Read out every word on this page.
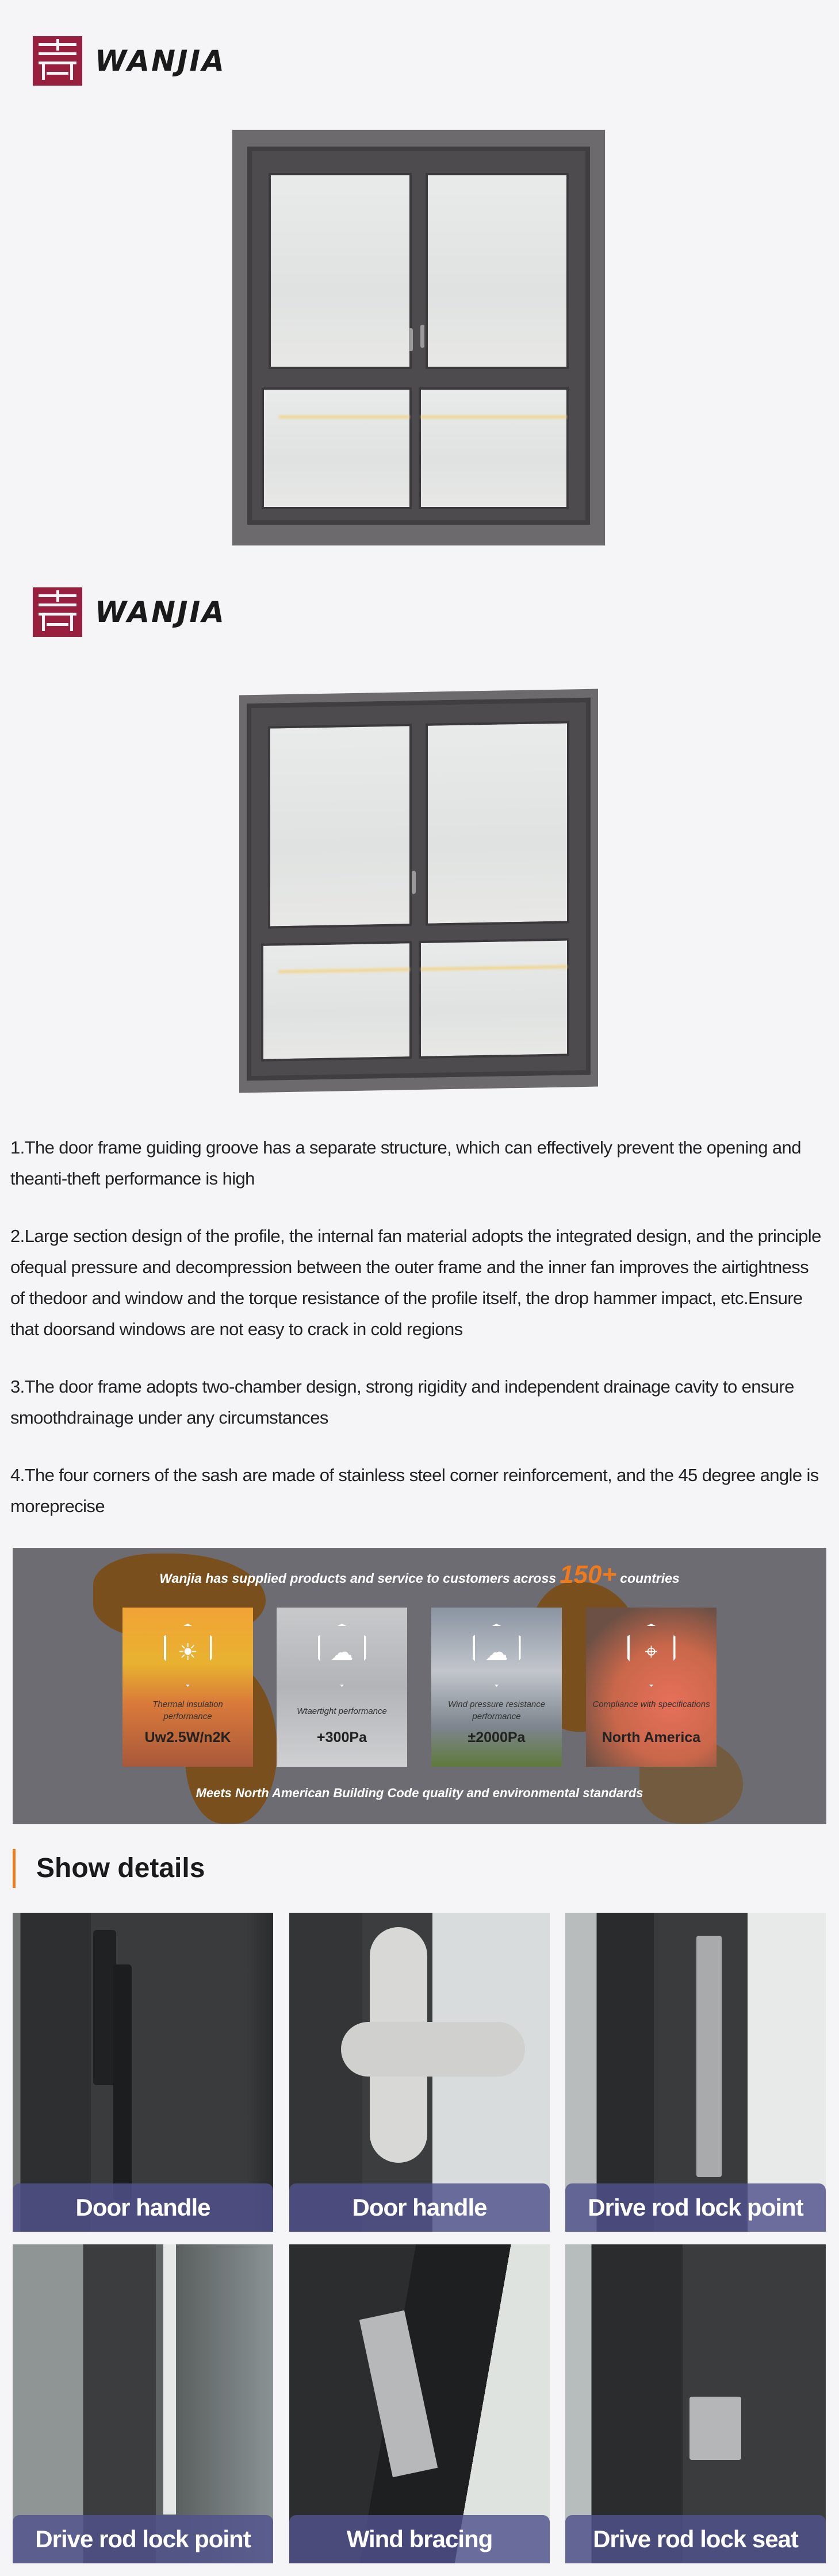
WANJIA
WANJIA

1.The door frame guiding groove has a separate structure, which can effectively prevent the opening and theanti-theft performance is high

2.Large section design of the profile, the internal fan material adopts the integrated design, and the principle ofequal pressure and decompression between the outer frame and the inner fan improves the airtightness of thedoor and window and the torque resistance of the profile itself, the drop hammer impact, etc.Ensure that doorsand windows are not easy to crack in cold regions

3.The door frame adopts two-chamber design, strong rigidity and independent drainage cavity to ensure smoothdrainage under any circumstances

4.The four corners of the sash are made of stainless steel corner reinforcement, and the 45 degree angle is moreprecise

Wanjia has supplied products and service to customers across 150+ countries
☀
Thermal insulation performance
Uw2.5W/n2K
☁
Wtaertight performance
+300Pa
☁
Wind pressure resistance performance
±2000Pa
⌖
Compliance with specifications
North America
Meets North American Building Code quality and environmental standards
Show details
Door handle	Door handle	Drive rod lock point
Drive rod lock point	Wind bracing	Drive rod lock seat
